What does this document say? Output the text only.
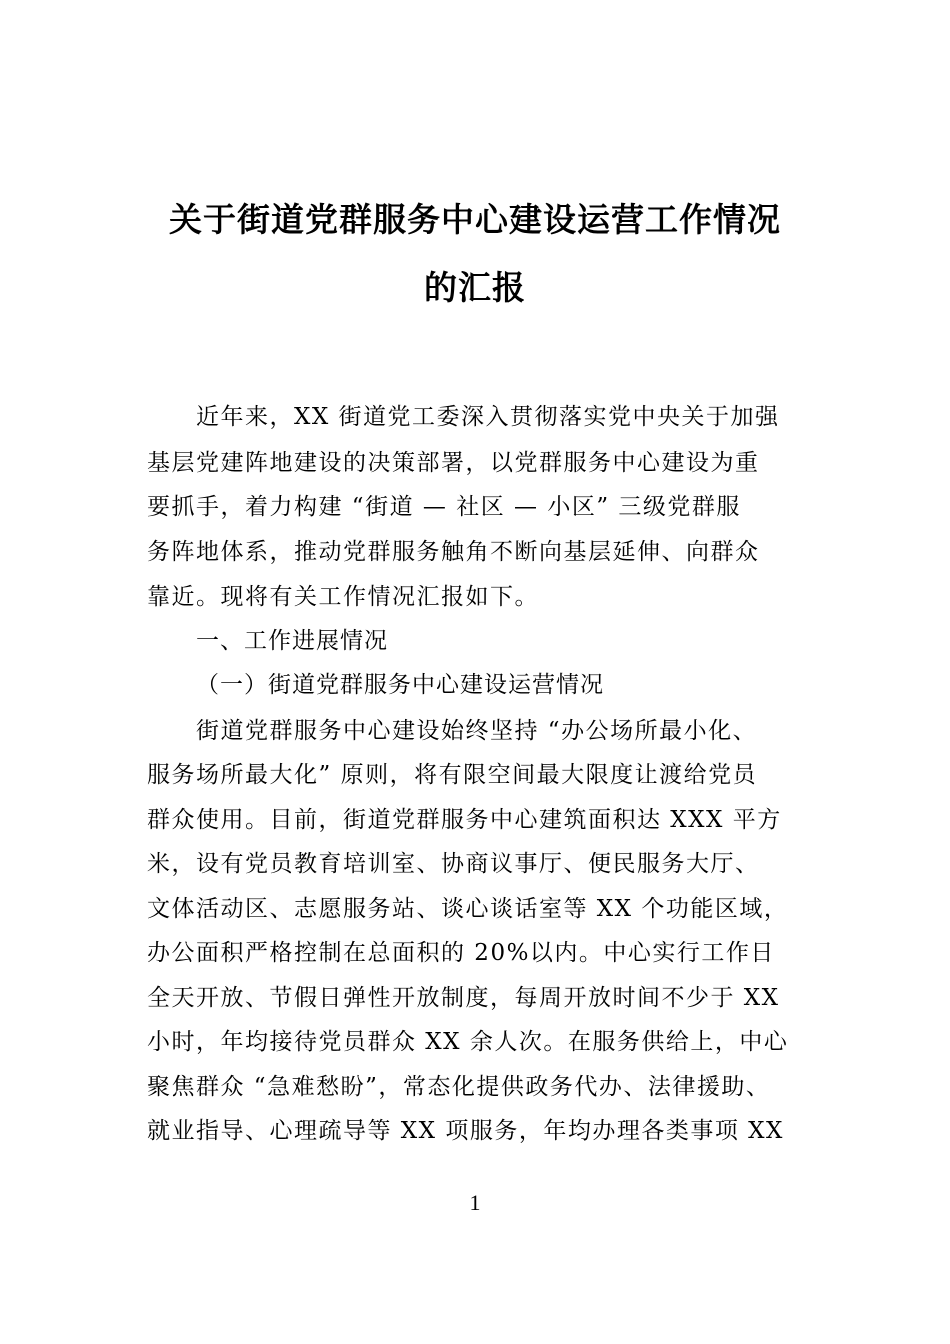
关于街道党群服务中心建设运营工作情况
的汇报
　　近年来，XX 街道党工委深入贯彻落实党中央关于加强
基层党建阵地建设的决策部署，以党群服务中心建设为重
要抓手，着力构建 “街道 — 社区 — 小区” 三级党群服
务阵地体系，推动党群服务触角不断向基层延伸、向群众
靠近。现将有关工作情况汇报如下。
一、工作进展情况
（一）街道党群服务中心建设运营情况
　　街道党群服务中心建设始终坚持 “办公场所最小化、
服务场所最大化” 原则，将有限空间最大限度让渡给党员
群众使用。目前，街道党群服务中心建筑面积达 XXX 平方
米，设有党员教育培训室、协商议事厅、便民服务大厅、
文体活动区、志愿服务站、谈心谈话室等 XX 个功能区域，
办公面积严格控制在总面积的 20%以内。中心实行工作日
全天开放、节假日弹性开放制度，每周开放时间不少于 XX
小时，年均接待党员群众 XX 余人次。在服务供给上，中心
聚焦群众 “急难愁盼”，常态化提供政务代办、法律援助、
就业指导、心理疏导等 XX 项服务，年均办理各类事项 XX
1
